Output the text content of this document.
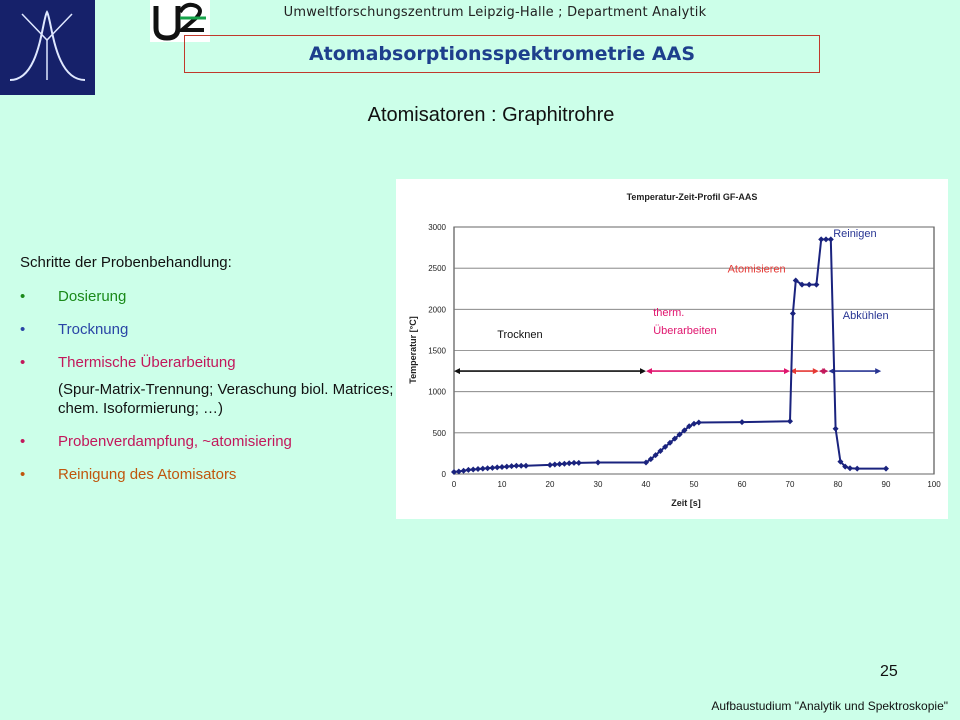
Umweltforschungszentrum Leipzig-Halle ; Department Analytik
Atomabsorptionsspektrometrie AAS
Atomisatoren : Graphitrohre
Schritte der Probenbehandlung:
•	Dosierung
•	Trocknung
•	Thermische Überarbeitung
(Spur-Matrix-Trennung; Veraschung biol. Matrices; chem. Isoformierung; …)
•	Probenverdampfung, ~atomisiering
•	Reinigung des Atomisators
Temperatur-Zeit-Profil GF-AAS
Zeit [s]
Temperatur [°C]
0
500
1000
1500
2000
2500
3000
0	10	20	30	40	50	60	70	80	90	100
Trocknen
therm.
Überarbeiten
Atomisieren
Reinigen
Abkühlen
25
Aufbaustudium "Analytik und Spektroskopie"
